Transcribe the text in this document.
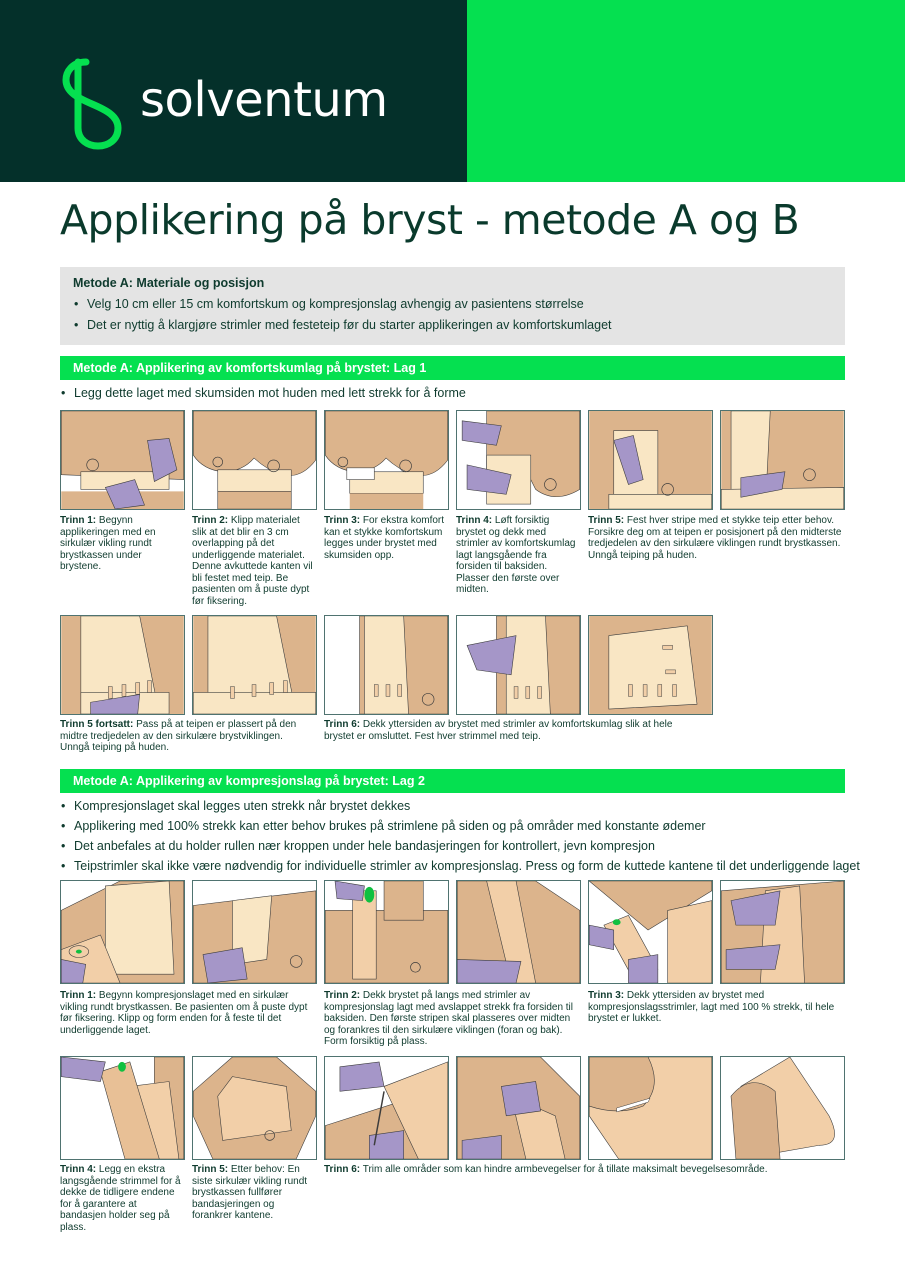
solventum
Applikering på bryst - metode A og B
Metode A: Materiale og posisjon
• Velg 10 cm eller 15 cm komfortskum og kompresjonslag avhengig av pasientens størrelse
• Det er nyttig å klargjøre strimler med festeteip før du starter applikeringen av komfortskumlaget
Metode A: Applikering av komfortskumlag på brystet: Lag 1
• Legg dette laget med skumsiden mot huden med lett strekk for å forme
Trinn 1: Begynn applikeringen med en sirkulær vikling rundt brystkassen under brystene.
Trinn 2: Klipp materialet slik at det blir en 3 cm overlapping på det underliggende materialet. Denne avkuttede kanten vil bli festet med teip. Be pasienten om å puste dypt før fiksering.
Trinn 3: For ekstra komfort kan et stykke komfortskum legges under brystet med skumsiden opp.
Trinn 4: Løft forsiktig brystet og dekk med strimler av komfortskumlag lagt langsgående fra forsiden til baksiden. Plasser den første over midten.
Trinn 5: Fest hver stripe med et stykke teip etter behov. Forsikre deg om at teipen er posisjonert på den midterste tredjedelen av den sirkulære viklingen rundt brystkassen. Unngå teiping på huden.
Trinn 5 fortsatt: Pass på at teipen er plassert på den midtre tredjedelen av den sirkulære brystviklingen. Unngå teiping på huden.
Trinn 6: Dekk yttersiden av brystet med strimler av komfortskumlag slik at hele brystet er omsluttet. Fest hver strimmel med teip.
Metode A: Applikering av kompresjonslag på brystet: Lag 2
• Kompresjonslaget skal legges uten strekk når brystet dekkes
• Applikering med 100% strekk kan etter behov brukes på strimlene på siden og på områder med konstante ødemer
• Det anbefales at du holder rullen nær kroppen under hele bandasjeringen for kontrollert, jevn kompresjon
• Teipstrimler skal ikke være nødvendig for individuelle strimler av kompresjonslag. Press og form de kuttede kantene til det underliggende laget
Trinn 1: Begynn kompresjonslaget med en sirkulær vikling rundt brystkassen. Be pasienten om å puste dypt før fiksering. Klipp og form enden for å feste til det underliggende laget.
Trinn 2: Dekk brystet på langs med strimler av kompresjonslag lagt med avslappet strekk fra forsiden til baksiden. Den første stripen skal plasseres over midten og forankres til den sirkulære viklingen (foran og bak). Form forsiktig på plass.
Trinn 3: Dekk yttersiden av brystet med kompresjonslagsstrimler, lagt med 100 % strekk, til hele brystet er lukket.
Trinn 4: Legg en ekstra langsgående strimmel for å dekke de tidligere endene for å garantere at bandasjen holder seg på plass.
Trinn 5: Etter behov: En siste sirkulær vikling rundt brystkassen fullfører bandasjeringen og forankrer kantene.
Trinn 6: Trim alle områder som kan hindre armbevegelser for å tillate maksimalt bevegelsesområde.
